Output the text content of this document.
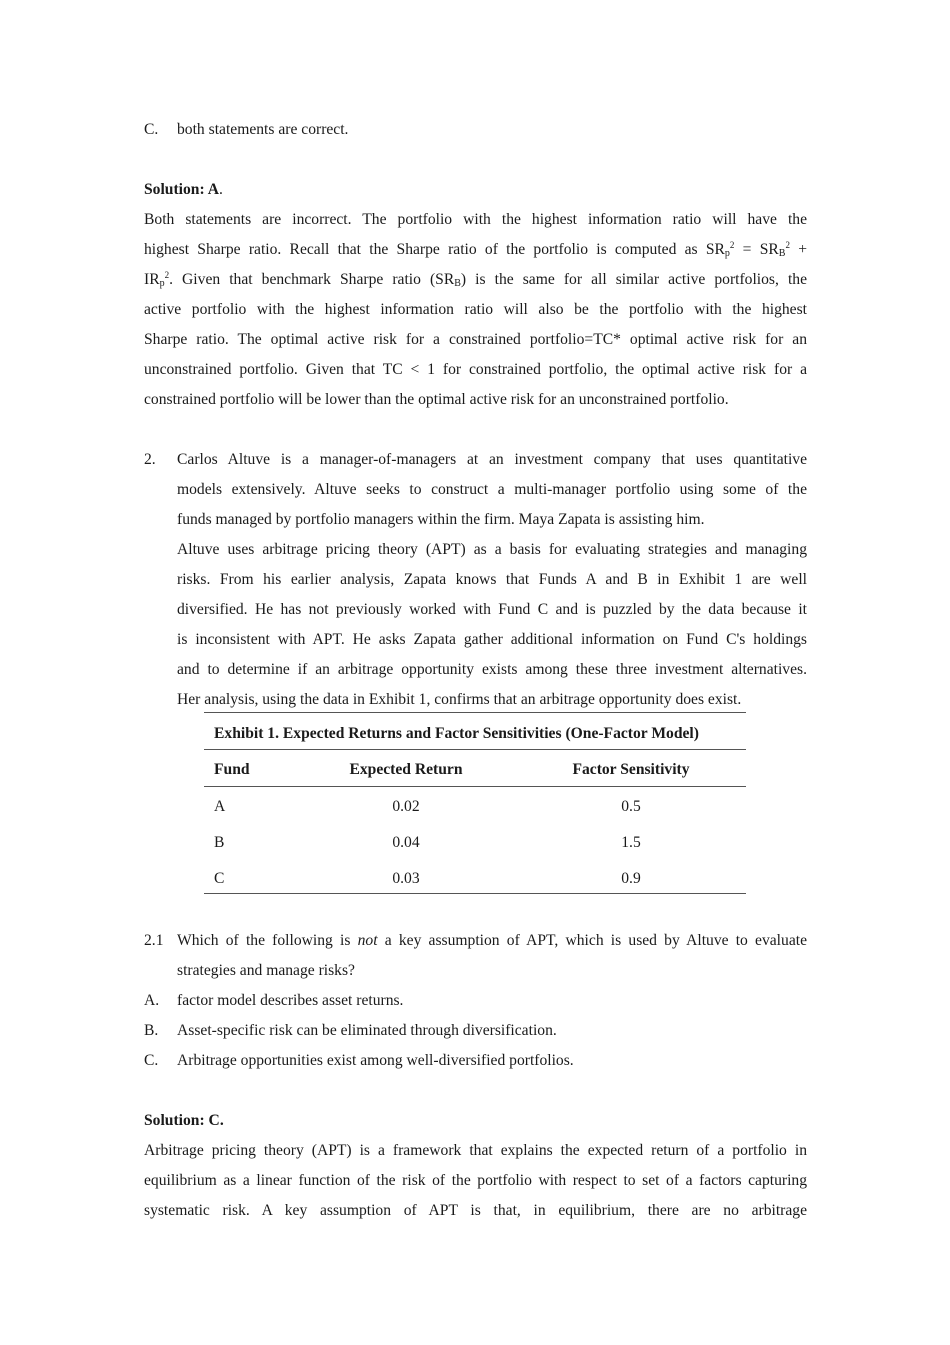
C. both statements are correct.
Solution: A.
Both statements are incorrect. The portfolio with the highest information ratio will have the
highest Sharpe ratio. Recall that the Sharpe ratio of the portfolio is computed as $SR_p^2 = SR_B^2$ +
$IR_p^2$. Given that benchmark Sharpe ratio $(SR_B)$ is the same for all similar active portfolios, the
active portfolio with the highest information ratio will also be the portfolio with the highest
Sharpe ratio. The optimal active risk for a constrained portfolio=TC* optimal active risk for an
unconstrained portfolio. Given that TC < 1 for constrained portfolio, the optimal active risk for a
constrained portfolio will be lower than the optimal active risk for an unconstrained portfolio.
2. Carlos Altuve is a manager-of-managers at an investment company that uses quantitative
models extensively. Altuve seeks to construct a multi-manager portfolio using some of the
funds managed by portfolio managers within the firm. Maya Zapata is assisting him.
Altuve uses arbitrage pricing theory (APT) as a basis for evaluating strategies and managing
risks. From his earlier analysis, Zapata knows that Funds A and B in Exhibit 1 are well
diversified. He has not previously worked with Fund C and is puzzled by the data because it
is inconsistent with APT. He asks Zapata gather additional information on Fund C's holdings
and to determine if an arbitrage opportunity exists among these three investment alternatives.
Her analysis, using the data in Exhibit 1, confirms that an arbitrage opportunity does exist.
Exhibit 1. Expected Returns and Factor Sensitivities (One-Factor Model)
Fund	Expected Return	Factor Sensitivity
A	0.02	0.5
B	0.04	1.5
C	0.03	0.9
2.1 Which of the following is not a key assumption of APT, which is used by Altuve to evaluate
strategies and manage risks?
A. factor model describes asset returns.
B. Asset-specific risk can be eliminated through diversification.
C. Arbitrage opportunities exist among well-diversified portfolios.
Solution: C.
Arbitrage pricing theory (APT) is a framework that explains the expected return of a portfolio in
equilibrium as a linear function of the risk of the portfolio with respect to set of a factors capturing
systematic risk. A key assumption of APT is that, in equilibrium, there are no arbitrage
